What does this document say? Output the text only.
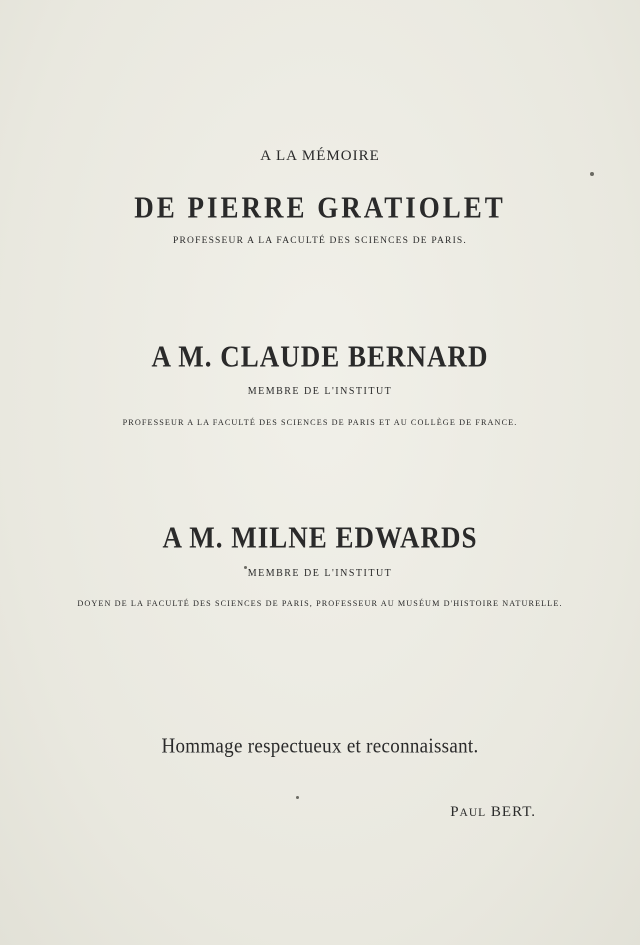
A LA MÉMOIRE
DE PIERRE GRATIOLET
PROFESSEUR A LA FACULTÉ DES SCIENCES DE PARIS.
A M. CLAUDE BERNARD
MEMBRE DE L'INSTITUT
PROFESSEUR A LA FACULTÉ DES SCIENCES DE PARIS ET AU COLLÈGE DE FRANCE.
A M. MILNE EDWARDS
MEMBRE DE L'INSTITUT
DOYEN DE LA FACULTÉ DES SCIENCES DE PARIS, PROFESSEUR AU MUSÉUM D'HISTOIRE NATURELLE.
Hommage respectueux et reconnaissant.
PAUL BERT.
